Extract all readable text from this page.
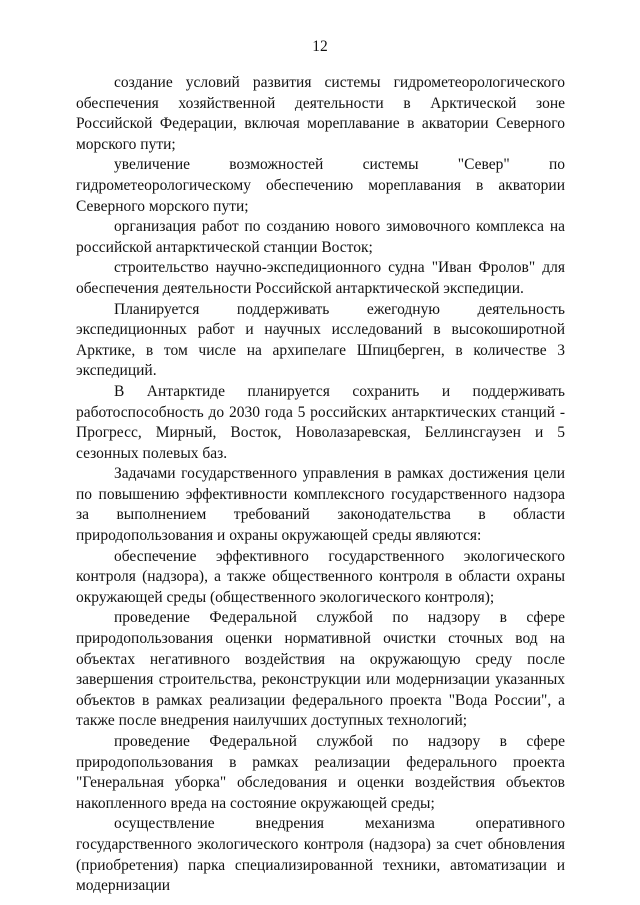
12

создание условий развития системы гидрометеорологического обеспечения хозяйственной деятельности в Арктической зоне Российской Федерации, включая мореплавание в акватории Северного морского пути;

увеличение возможностей системы "Север" по гидрометеорологическому обеспечению мореплавания в акватории Северного морского пути;

организация работ по созданию нового зимовочного комплекса на российской антарктической станции Восток;

строительство научно-экспедиционного судна "Иван Фролов" для обеспечения деятельности Российской антарктической экспедиции.

Планируется поддерживать ежегодную деятельность экспедиционных работ и научных исследований в высокоширотной Арктике, в том числе на архипелаге Шпицберген, в количестве 3 экспедиций.

В Антарктиде планируется сохранить и поддерживать работоспособность до 2030 года 5 российских антарктических станций - Прогресс, Мирный, Восток, Новолазаревская, Беллинсгаузен и 5 сезонных полевых баз.

Задачами государственного управления в рамках достижения цели по повышению эффективности комплексного государственного надзора за выполнением требований законодательства в области природопользования и охраны окружающей среды являются:

обеспечение эффективного государственного экологического контроля (надзора), а также общественного контроля в области охраны окружающей среды (общественного экологического контроля);

проведение Федеральной службой по надзору в сфере природопользования оценки нормативной очистки сточных вод на объектах негативного воздействия на окружающую среду после завершения строительства, реконструкции или модернизации указанных объектов в рамках реализации федерального проекта "Вода России", а также после внедрения наилучших доступных технологий;

проведение Федеральной службой по надзору в сфере природопользования в рамках реализации федерального проекта "Генеральная уборка" обследования и оценки воздействия объектов накопленного вреда на состояние окружающей среды;

осуществление внедрения механизма оперативного государственного экологического контроля (надзора) за счет обновления (приобретения) парка специализированной техники, автоматизации и модернизации
